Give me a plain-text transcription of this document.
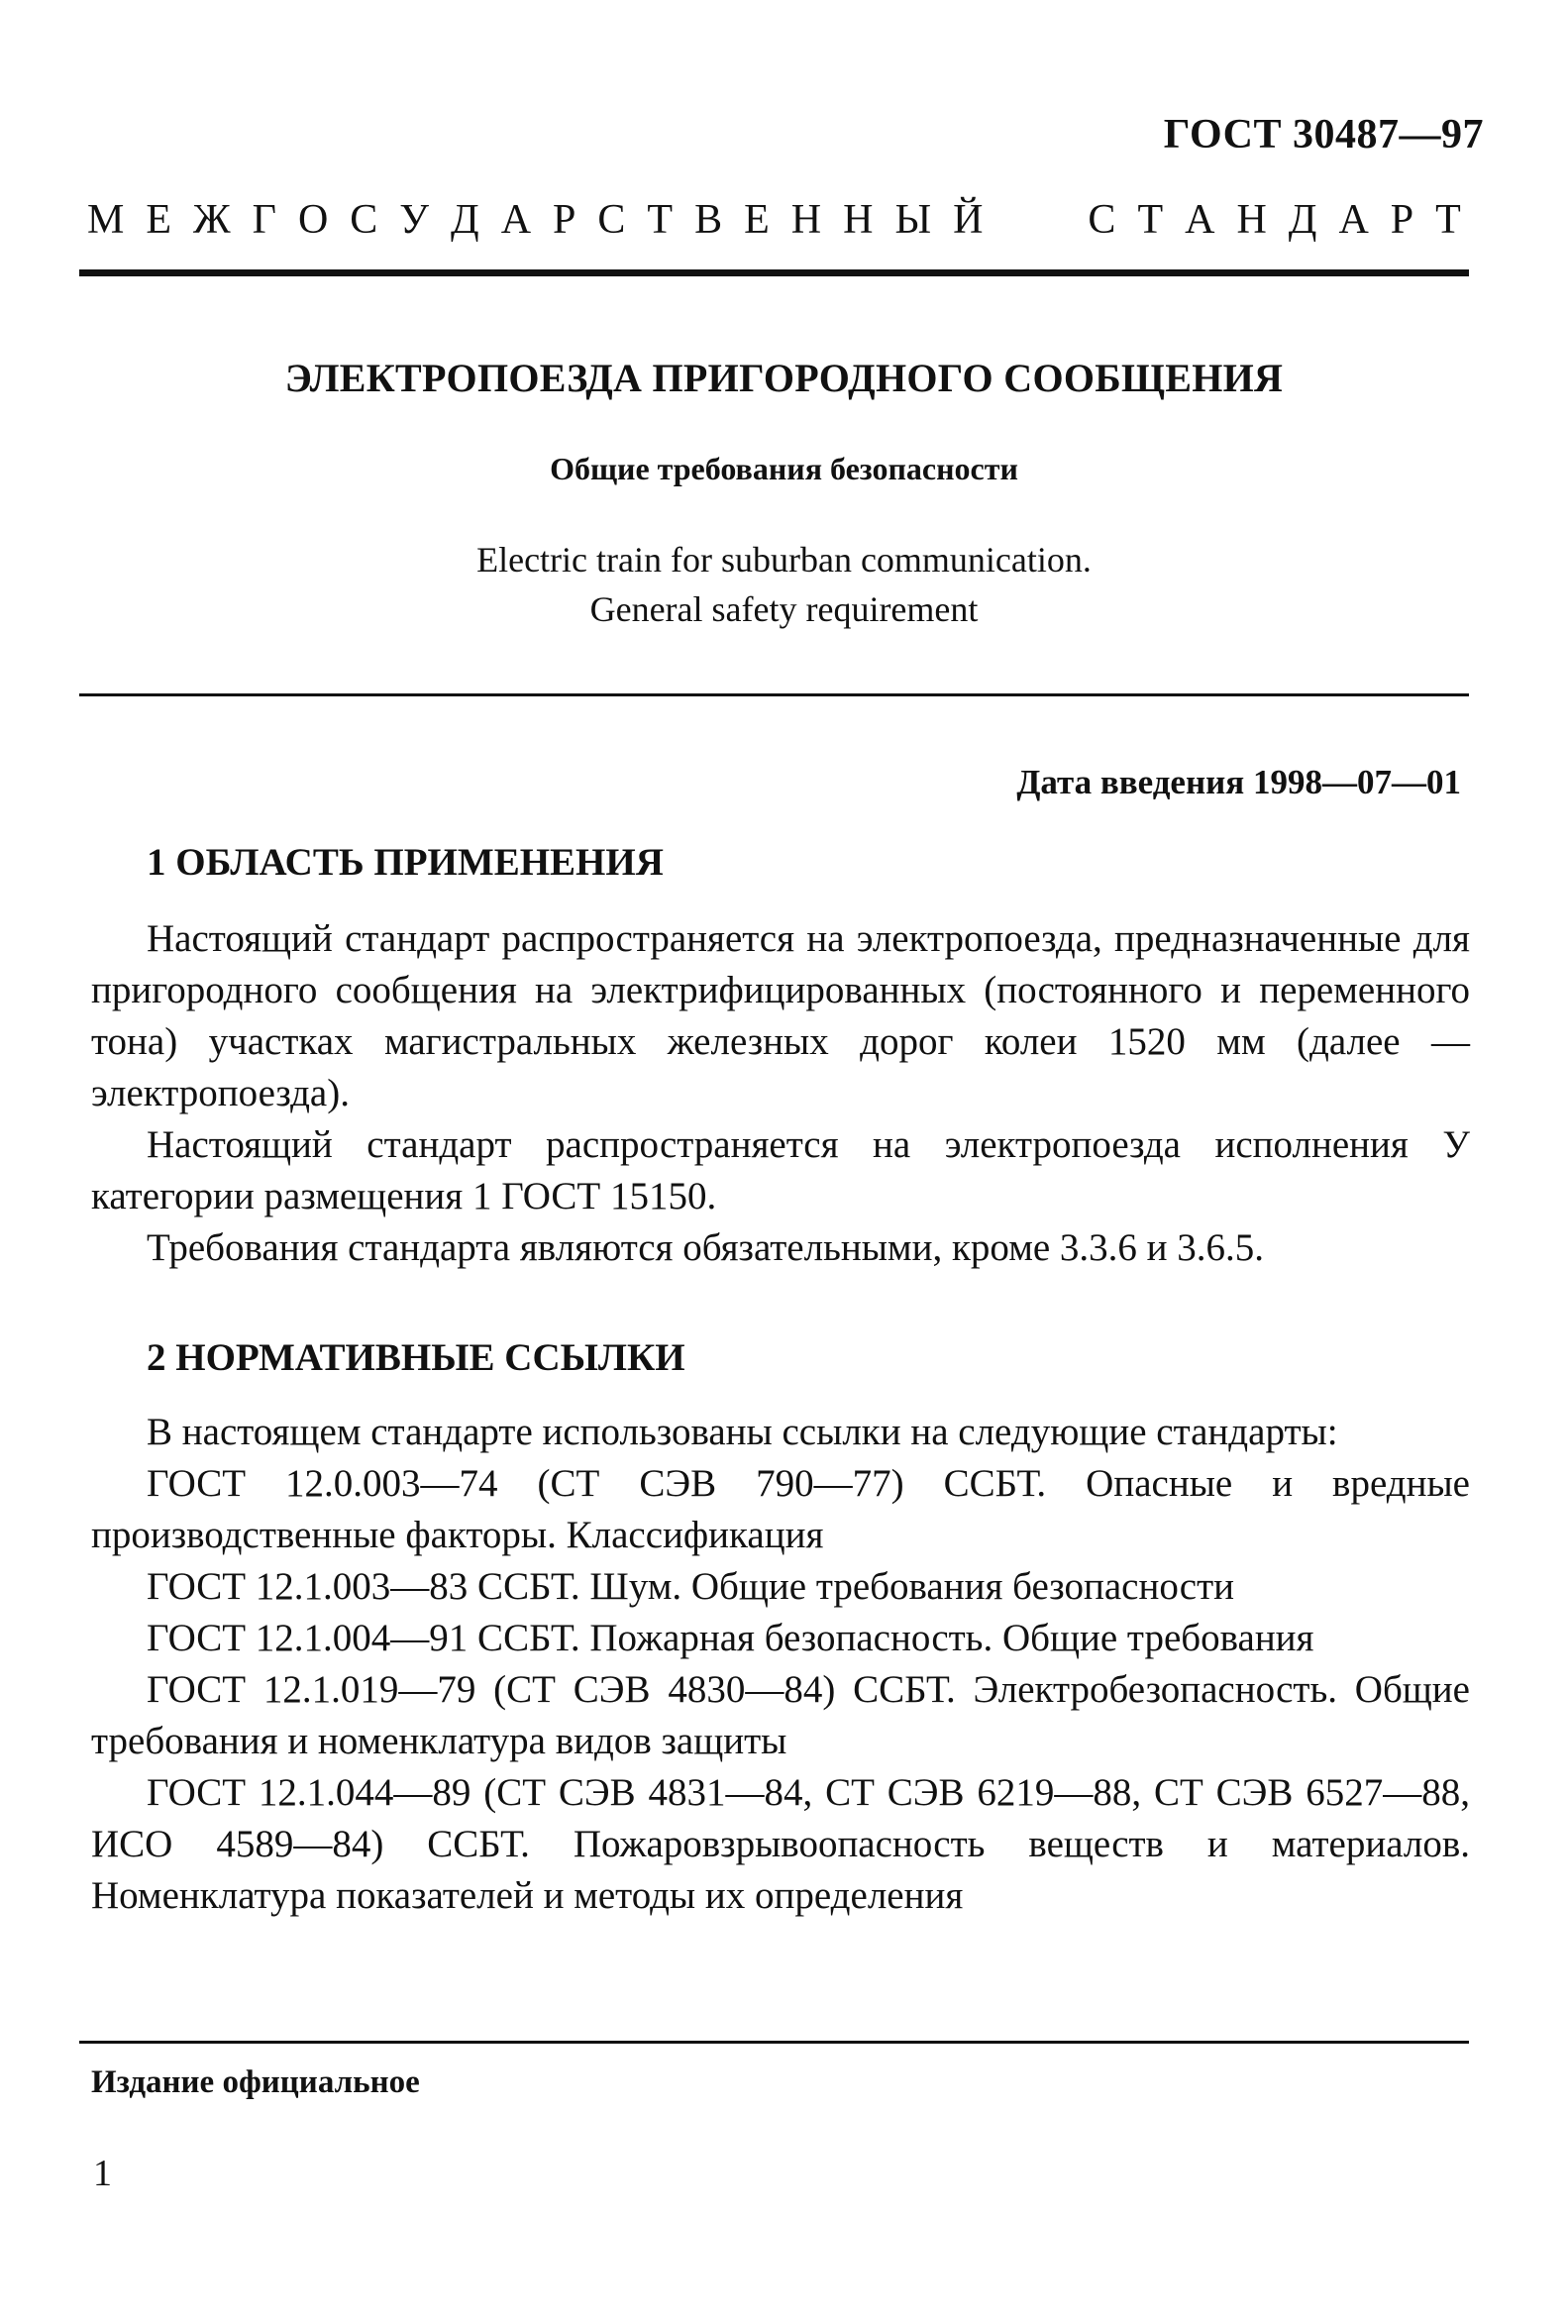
ГОСТ 30487—97
М Е Ж Г О С У Д А Р С Т В Е Н Н Ы Й
	С Т А Н Д А Р Т
ЭЛЕКТРОПОЕЗДА ПРИГОРОДНОГО СООБЩЕНИЯ
Общие требования безопасности
Electric train for suburban communication.
General safety requirement
Дата введения 1998—07—01
1 ОБЛАСТЬ ПРИМЕНЕНИЯ

Настоящий стандарт распространяется на электропоезда, предназначенные для пригородного сообщения на электрифицированных (постоянного и переменного тона) участках магистральных железных дорог колеи 1520 мм (далее — электропоезда).

Настоящий стандарт распространяется на электропоезда исполнения У категории размещения 1 ГОСТ 15150.

Требования стандарта являются обязательными, кроме 3.3.6 и 3.6.5.

2 НОРМАТИВНЫЕ ССЫЛКИ

В настоящем стандарте использованы ссылки на следующие стандарты:

ГОСТ 12.0.003—74 (СТ СЭВ 790—77) ССБТ. Опасные и вредные производственные факторы. Классификация

ГОСТ 12.1.003—83 ССБТ. Шум. Общие требования безопасности

ГОСТ 12.1.004—91 ССБТ. Пожарная безопасность. Общие требования

ГОСТ 12.1.019—79 (СТ СЭВ 4830—84) ССБТ. Электробезопасность. Общие требования и номенклатура видов защиты

ГОСТ 12.1.044—89 (СТ СЭВ 4831—84, СТ СЭВ 6219—88, СТ СЭВ 6527—88, ИСО 4589—84) ССБТ. Пожаровзрывоопасность веществ и материалов. Номенклатура показателей и методы их определения

Издание официальное
1
